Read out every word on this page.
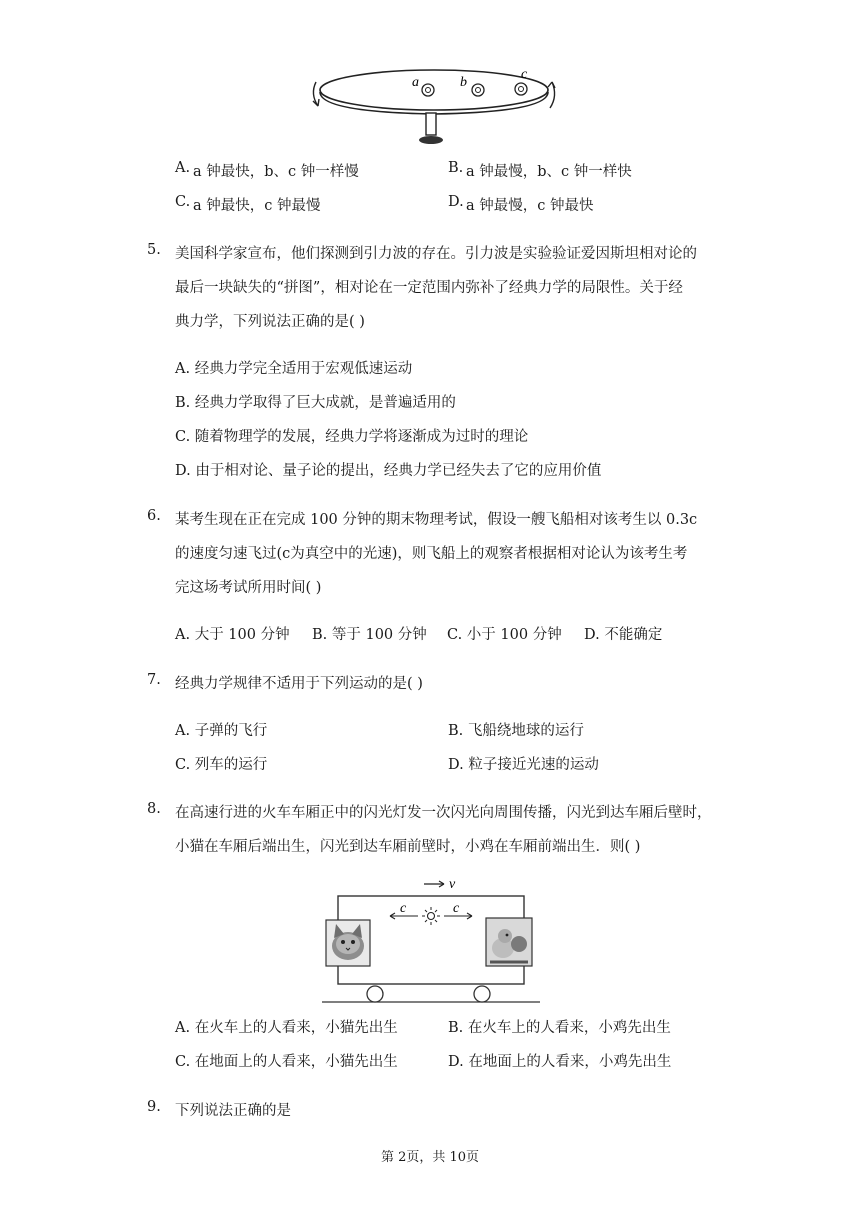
a	b
c
A. a 钟最快，b、c 钟一样慢	B. a 钟最慢，b、c 钟一样快
C. a 钟最快，c 钟最慢	D. a 钟最慢，c 钟最快
5. 美国科学家宣布，他们探测到引力波的存在。引力波是实验验证爱因斯坦相对论的
最后一块缺失的“拼图”，相对论在一定范围内弥补了经典力学的局限性。关于经
典力学，下列说法正确的是( )
A. 经典力学完全适用于宏观低速运动
B. 经典力学取得了巨大成就，是普遍适用的
C. 随着物理学的发展，经典力学将逐渐成为过时的理论
D. 由于相对论、量子论的提出，经典力学已经失去了它的应用价值
6. 某考生现在正在完成 100 分钟的期末物理考试，假设一艘飞船相对该考生以 0.3c
的速度匀速飞过(c为真空中的光速)，则飞船上的观察者根据相对论认为该考生考
完这场考试所用时间( )
A. 大于 100 分钟 B. 等于 100 分钟 C. 小于 100 分钟 D. 不能确定
7. 经典力学规律不适用于下列运动的是( )
A. 子弹的飞行	B. 飞船绕地球的运行
C. 列车的运行	D. 粒子接近光速的运动
8. 在高速行进的火车车厢正中的闪光灯发一次闪光向周围传播，闪光到达车厢后壁时，
小猫在车厢后端出生，闪光到达车厢前壁时，小鸡在车厢前端出生．则( )
v
c	c
A. 在火车上的人看来，小猫先出生	B. 在火车上的人看来，小鸡先出生
C. 在地面上的人看来，小猫先出生	D. 在地面上的人看来，小鸡先出生
9. 下列说法正确的是
第 2页，共 10页
